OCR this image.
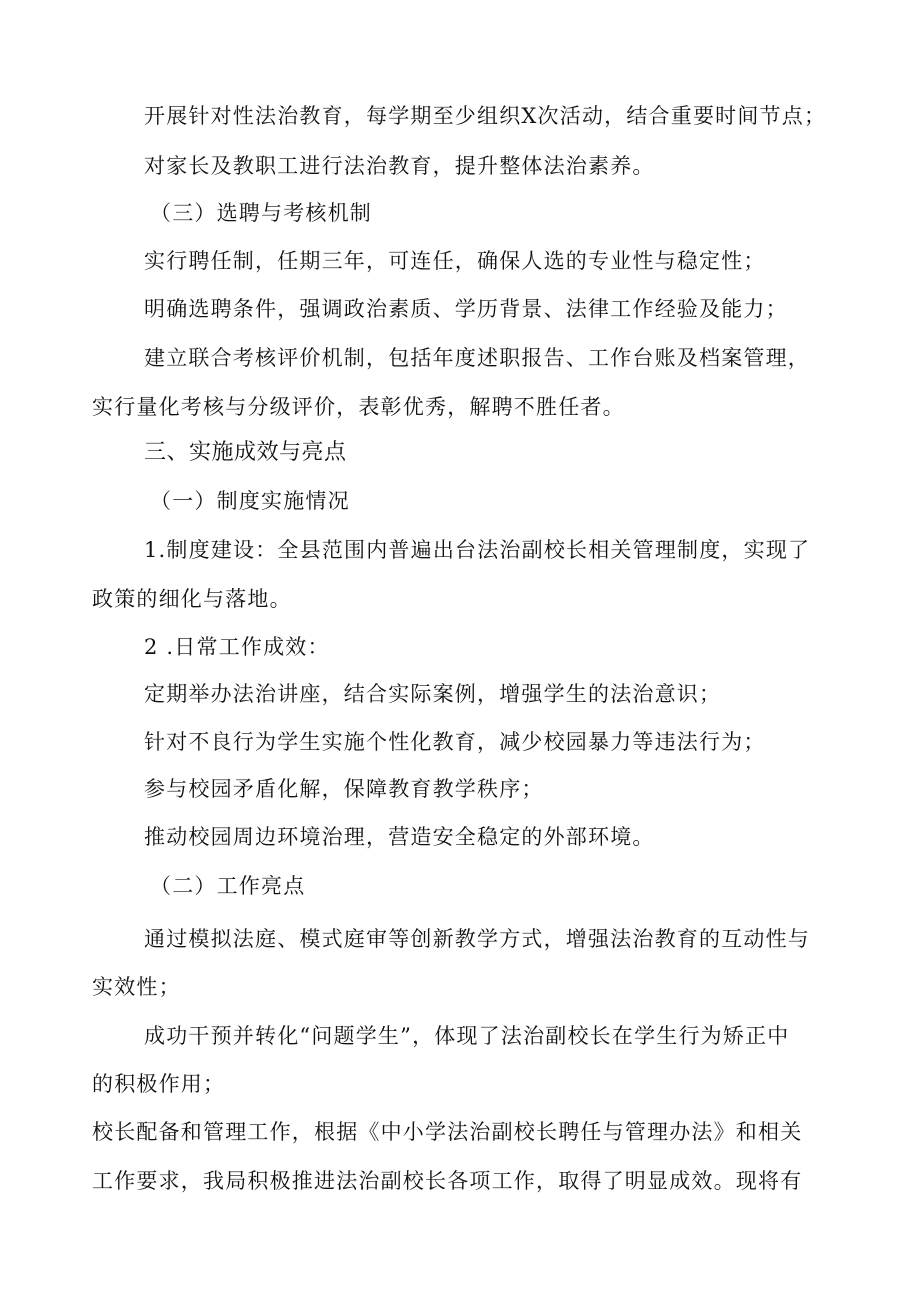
开展针对性法治教育，每学期至少组织X次活动，结合重要时间节点；
对家长及教职工进行法治教育，提升整体法治素养。
（三）选聘与考核机制
实行聘任制，任期三年，可连任，确保人选的专业性与稳定性；
明确选聘条件，强调政治素质、学历背景、法律工作经验及能力；
建立联合考核评价机制，包括年度述职报告、工作台账及档案管理，
实行量化考核与分级评价，表彰优秀，解聘不胜任者。
三、实施成效与亮点
（一）制度实施情况
1.制度建设：全县范围内普遍出台法治副校长相关管理制度，实现了
政策的细化与落地。
2 .日常工作成效：
定期举办法治讲座，结合实际案例，增强学生的法治意识；
针对不良行为学生实施个性化教育，减少校园暴力等违法行为；
参与校园矛盾化解，保障教育教学秩序；
推动校园周边环境治理，营造安全稳定的外部环境。
（二）工作亮点
通过模拟法庭、模式庭审等创新教学方式，增强法治教育的互动性与
实效性；
成功干预并转化“问题学生”，体现了法治副校长在学生行为矫正中
的积极作用；
校长配备和管理工作，根据《中小学法治副校长聘任与管理办法》和相关
工作要求，我局积极推进法治副校长各项工作，取得了明显成效。现将有
